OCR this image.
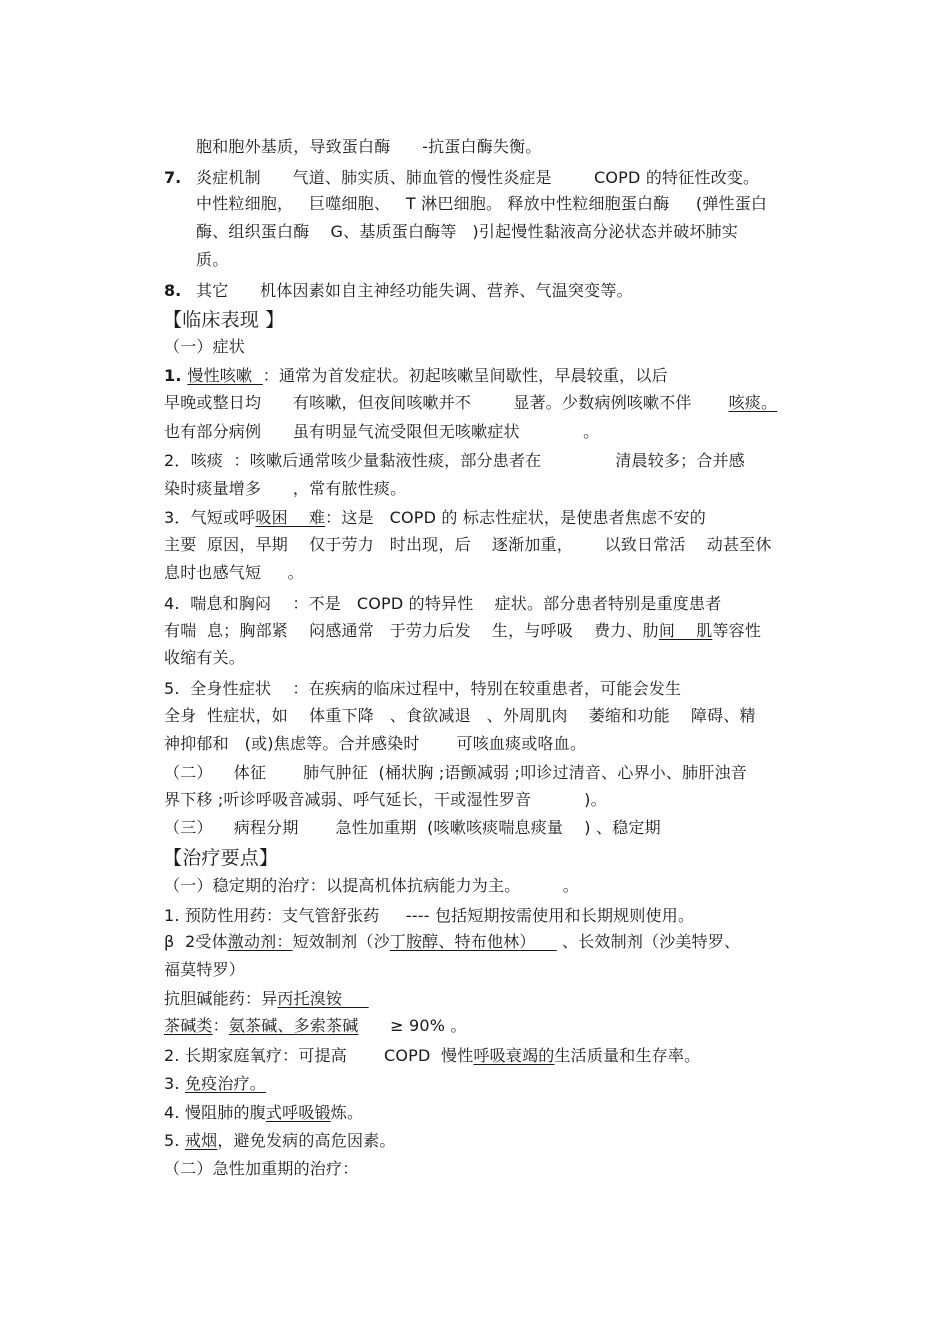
胞和胞外基质，导致蛋白酶      -抗蛋白酶失衡。
7. 炎症机制      气道、肺实质、肺血管的慢性炎症是        COPD 的特征性改变。
中性粒细胞，   巨噬细胞、   T 淋巴细胞。 释放中性粒细胞蛋白酶     (弹性蛋白
酶、组织蛋白酶    G、基质蛋白酶等   )引起慢性黏液高分泌状态并破坏肺实
质。
8. 其它      机体因素如自主神经功能失调、营养、气温突变等。
【临床表现 】
（一）症状
1. 慢性咳嗽  ：通常为首发症状。初起咳嗽呈间歇性，早晨较重，以后
早晚或整日均      有咳嗽，但夜间咳嗽并不        显著。少数病例咳嗽不伴       咳痰。
也有部分病例      虽有明显气流受限但无咳嗽症状            。
2．咳痰  ：咳嗽后通常咳少量黏液性痰，部分患者在              清晨较多；合并感
染时痰量增多      ，常有脓性痰。
3．气短或呼吸困    难：这是   COPD 的 标志性症状，是使患者焦虑不安的
主要  原因，早期    仅于劳力   时出现，后    逐渐加重，      以致日常活    动甚至休
息时也感气短     。
4.  喘息和胸闷    ：不是   COPD 的特异性    症状。部分患者特别是重度患者
有喘  息；胸部紧    闷感通常   于劳力后发    生，与呼吸    费力、肋间    肌等容性
收缩有关。
5.  全身性症状    ：在疾病的临床过程中，特别在较重患者，可能会发生
全身  性症状，如    体重下降   、食欲减退   、外周肌肉    萎缩和功能    障碍、精
神抑郁和   (或)焦虑等。合并感染时       可咳血痰或咯血。
（二）    体征       肺气肿征  (桶状胸 ;语颤减弱 ;叩诊过清音、心界小、肺肝浊音
界下移 ;听诊呼吸音减弱、呼气延长，干或湿性罗音          )。
（三）    病程分期       急性加重期  (咳嗽咳痰喘息痰量    ) 、稳定期
【治疗要点】
（一）稳定期的治疗：以提高机体抗病能力为主。        。
1. 预防性用药：支气管舒张药     ---- 包括短期按需使用和长期规则使用。
β  2受体激动剂：短效制剂（沙丁胺醇、特布他林）     、长效制剂（沙美特罗、
福莫特罗）
抗胆碱能药：异丙托溴铵
茶碱类：氨茶碱、多索茶碱      ≥ 90% 。
2. 长期家庭氧疗：可提高       COPD  慢性呼吸衰竭的生活质量和生存率。
3. 免疫治疗。
4. 慢阻肺的腹式呼吸锻炼。
5. 戒烟，避免发病的高危因素。
（二）急性加重期的治疗：
